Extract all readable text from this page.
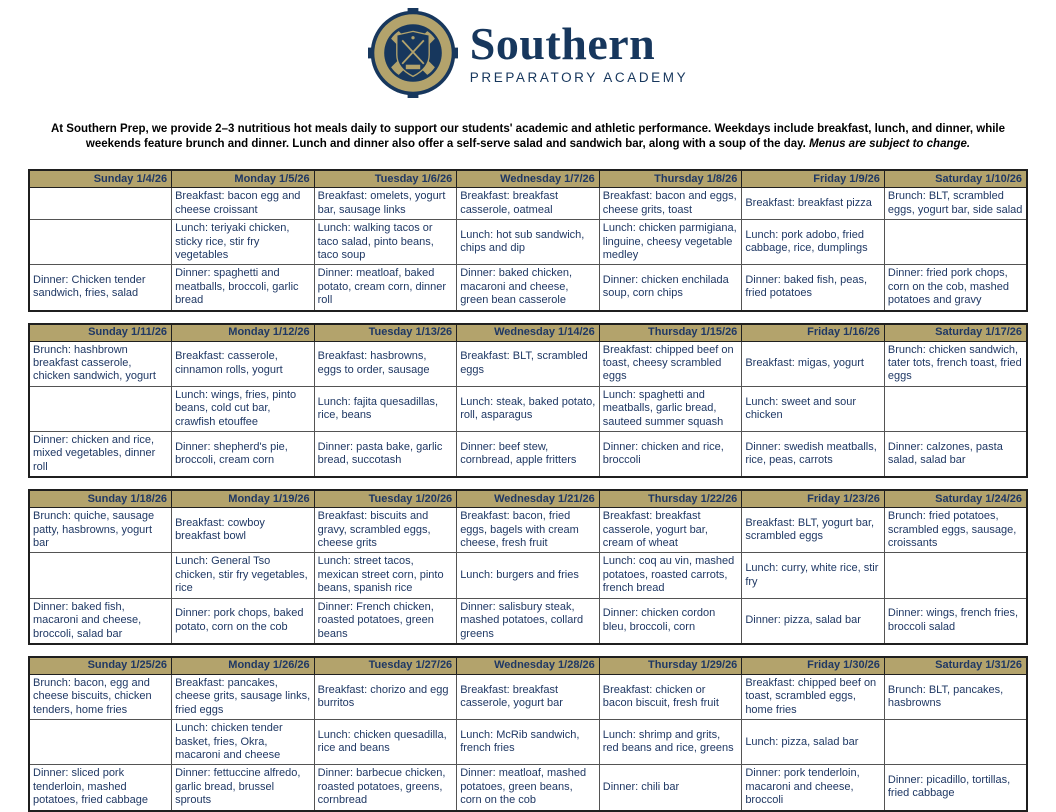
Southern
PREPARATORY ACADEMY

At Southern Prep, we provide 2–3 nutritious hot meals daily to support our students' academic and athletic performance. Weekdays include breakfast, lunch, and dinner, while weekends feature brunch and dinner. Lunch and dinner also offer a self-serve salad and sandwich bar, along with a soup of the day. Menus are subject to change.

Sunday 1/4/26	Monday 1/5/26	Tuesday 1/6/26	Wednesday 1/7/26	Thursday 1/8/26	Friday 1/9/26	Saturday 1/10/26
	Breakfast: bacon egg and cheese croissant	Breakfast: omelets, yogurt bar, sausage links	Breakfast: breakfast casserole, oatmeal	Breakfast: bacon and eggs, cheese grits, toast	Breakfast: breakfast pizza	Brunch: BLT, scrambled eggs, yogurt bar, side salad
	Lunch: teriyaki chicken, sticky rice, stir fry vegetables	Lunch: walking tacos or taco salad, pinto beans, taco soup	Lunch: hot sub sandwich, chips and dip	Lunch: chicken parmigiana, linguine, cheesy vegetable medley	Lunch: pork adobo, fried cabbage, rice, dumplings	
Dinner: Chicken tender sandwich, fries, salad	Dinner: spaghetti and meatballs, broccoli, garlic bread	Dinner: meatloaf, baked potato, cream corn, dinner roll	Dinner: baked chicken, macaroni and cheese, green bean casserole	Dinner: chicken enchilada soup, corn chips	Dinner: baked fish, peas, fried potatoes	Dinner: fried pork chops, corn on the cob, mashed potatoes and gravy
Sunday 1/11/26	Monday 1/12/26	Tuesday 1/13/26	Wednesday 1/14/26	Thursday 1/15/26	Friday 1/16/26	Saturday 1/17/26
Brunch: hashbrown breakfast casserole, chicken sandwich, yogurt	Breakfast: casserole, cinnamon rolls, yogurt	Breakfast: hasbrowns, eggs to order, sausage	Breakfast: BLT, scrambled eggs	Breakfast: chipped beef on toast, cheesy scrambled eggs	Breakfast: migas, yogurt	Brunch: chicken sandwich, tater tots, french toast, fried eggs
	Lunch: wings, fries, pinto beans, cold cut bar, crawfish etouffee	Lunch: fajita quesadillas, rice, beans	Lunch: steak, baked potato, roll, asparagus	Lunch: spaghetti and meatballs, garlic bread, sauteed summer squash	Lunch: sweet and sour chicken	
Dinner: chicken and rice, mixed vegetables, dinner roll	Dinner: shepherd's pie, broccoli, cream corn	Dinner: pasta bake, garlic bread, succotash	Dinner: beef stew, cornbread, apple fritters	Dinner: chicken and rice, broccoli	Dinner: swedish meatballs, rice, peas, carrots	Dinner: calzones, pasta salad, salad bar
Sunday 1/18/26	Monday 1/19/26	Tuesday 1/20/26	Wednesday 1/21/26	Thursday 1/22/26	Friday 1/23/26	Saturday 1/24/26
Brunch: quiche, sausage patty, hasbrowns, yogurt bar	Breakfast: cowboy breakfast bowl	Breakfast: biscuits and gravy, scrambled eggs, cheese grits	Breakfast: bacon, fried eggs, bagels with cream cheese, fresh fruit	Breakfast: breakfast casserole, yogurt bar, cream of wheat	Breakfast: BLT, yogurt bar, scrambled eggs	Brunch: fried potatoes, scrambled eggs, sausage, croissants
	Lunch: General Tso chicken, stir fry vegetables, rice	Lunch: street tacos, mexican street corn, pinto beans, spanish rice	Lunch: burgers and fries	Lunch: coq au vin, mashed potatoes, roasted carrots, french bread	Lunch: curry, white rice, stir fry	
Dinner: baked fish, macaroni and cheese, broccoli, salad bar	Dinner: pork chops, baked potato, corn on the cob	Dinner: French chicken, roasted potatoes, green beans	Dinner: salisbury steak, mashed potatoes, collard greens	Dinner: chicken cordon bleu, broccoli, corn	Dinner: pizza, salad bar	Dinner: wings, french fries, broccoli salad
Sunday 1/25/26	Monday 1/26/26	Tuesday 1/27/26	Wednesday 1/28/26	Thursday 1/29/26	Friday 1/30/26	Saturday 1/31/26
Brunch: bacon, egg and cheese biscuits, chicken tenders, home fries	Breakfast: pancakes, cheese grits, sausage links, fried eggs	Breakfast: chorizo and egg burritos	Breakfast: breakfast casserole, yogurt bar	Breakfast: chicken or bacon biscuit, fresh fruit	Breakfast: chipped beef on toast, scrambled eggs, home fries	Brunch: BLT, pancakes, hasbrowns
	Lunch: chicken tender basket, fries, Okra, macaroni and cheese	Lunch: chicken quesadilla, rice and beans	Lunch: McRib sandwich, french fries	Lunch: shrimp and grits, red beans and rice, greens	Lunch: pizza, salad bar	
Dinner: sliced pork tenderloin, mashed potatoes, fried cabbage	Dinner: fettuccine alfredo, garlic bread, brussel sprouts	Dinner: barbecue chicken, roasted potatoes, greens, cornbread	Dinner: meatloaf, mashed potatoes, green beans, corn on the cob	Dinner: chili bar	Dinner: pork tenderloin, macaroni and cheese, broccoli	Dinner: picadillo, tortillas, fried cabbage
